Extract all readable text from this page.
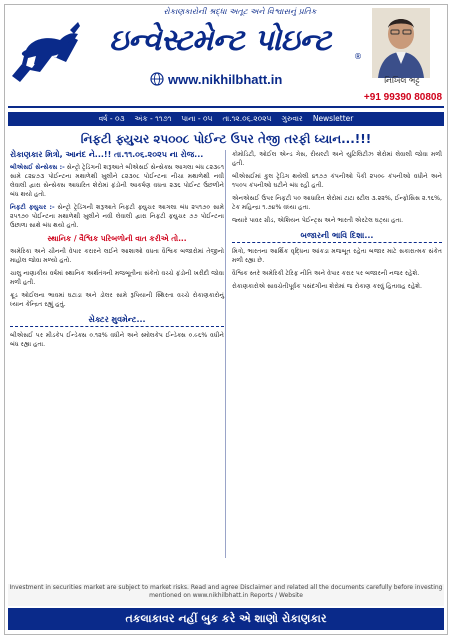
રોકાણકારોની શ્રદ્ધા અતૂટ અને વિશ્વાસનું પ્રતિક
ઇન્વેસ્ટમેન્ટ પોઇન્ટ	®
www.nikhilbhatt.in	નિખિલ ભટ્ટ
+91 99390 80808
વર્ષ - ૦૩ અંક - ૧૧૭૧ પાના - ૦૫ તા.૧૨.૦૬.૨૦૨૫ ગુરુવાર Newsletter
નિફટી ફ્યુચર ૨૫૦૦૮ પોઈન્ટ ઉપર તેજી તરફી ધ્યાન...!!!

રોકાણકાર મિત્રો, આનંદ ને...!! તા.૧૧.૦૬.૨૦૨૫ ના રોજ...

બીએસઈ સેન્સેક્સ :- સેન્ટ્રો ટ્રેડિંગની શરૂઆતે બીએસઈ સેન્સેક્સ આગલા બંધ ૮૨૩૯૧ સામે ૮૨૪૭૩ પોઈન્ટના મથાળેથી ખુલીને ૮૨૩૦૮ પોઈન્ટના નીચા મથાળેથી નવી લેવાલી દ્વારા સેન્સેક્સ આધારિત શેરોમાં ફંડોની આકર્ષણ વધતા ૨૩૬ પોઈન્ટ ઉછળીને બંધ થયો હતો.

નિફટી ફ્યુચર :- સેન્ટ્રો ટ્રેડિંગની શરૂઆતે નિફટી ફ્યુચર આગલા બંધ ૨૫૧૭૦ સામે ૨૫૧૭૦ પોઈન્ટના મથાળેથી ખુલીને નવી લેવાલી દ્વારા નિફટી ફ્યુચર ૭૭ પોઈન્ટના ઉછાળા સાથે બંધ થયો હતો.

સ્થાનિક / વૈશ્વિક પરિબળોની વાત કરીએ તો...

અમેરિકા અને ચીનની વેપાર કરારને લઈને આશાઓ વધતા વૈશ્વિક બજારોમાં તેજીનો માહોલ જોવા મળ્યો હતો.

ચાલુ નાણાકીય વર્ષમાં સ્થાનિક અર્થતંત્રની મજબૂતીના સંકેતો વચ્ચે ફંડોની ખરીદી જોવા મળી હતી.

ક્રૂડ ઓઈલના ભાવમાં ઘટાડા અને ડોલર સામે રૂપિયાની સ્થિરતા વચ્ચે રોકાણકારોનું ધ્યાન કેન્દ્રિત રહ્યું હતું.

સેક્ટર મુવમેન્ટ...

બીએસઈ પર મીડકેપ ઈન્ડેક્સ ૦.૧૨% વધીને અને સ્મોલકેપ ઈન્ડેક્સ ૦.૯૬% વધીને બંધ રહ્યા હતા.

કોમોડિટી, ઓઈલ એન્ડ ગેસ, રીયલ્ટી અને યુટિલિટીઝ શેરોમાં લેવાલી જોવા મળી હતી.

બીએસઈમાં કુલ ટ્રેડિંગ થયેલી ૪૧૭૭ કંપનીઓ પૈકી ૨૫૦૯ કંપનીઓ વધીને અને ૧૫૦૫ કંપનીઓ ઘટીને બંધ રહી હતી.

એનએસઈ ઉપર નિફટી ૫૦ આધારિત શેરોમાં ટાટા સ્ટીલ ૩.૨૨%, ઈન્ફોસિસ ૨.૧૬%, ટેક મહિન્દ્રા ૧.૭૪% વધ્યા હતા.

જ્યારે પાવર ગ્રીડ, એશિયન પેઈન્ટ્સ અને ભારતી એરટેલ ઘટ્યા હતા.

બજારની ભાવિ દિશા...

મિત્રો, ભારતના આર્થિક વૃદ્ધિના આંકડા મજબૂત રહેતા બજાર માટે સકારાત્મક સંકેત મળી રહ્યા છે.

વૈશ્વિક સ્તરે અમેરિકી ટેરિફ નીતિ અને વેપાર કરાર પર બજારની નજર રહેશે.

રોકાણકારોએ સાવચેતીપૂર્વક પસંદગીના શેરોમાં જ રોકાણ કરવું હિતાવહ રહેશે.

Investment in securities market are subject to market risks. Read and agree Disclaimer and related all the documents carefully before investing mentioned on www.nikhilbhatt.in Reports / Website
તકલાકાવર નહીં બુક કરે એ શાણો રોકાણકાર
